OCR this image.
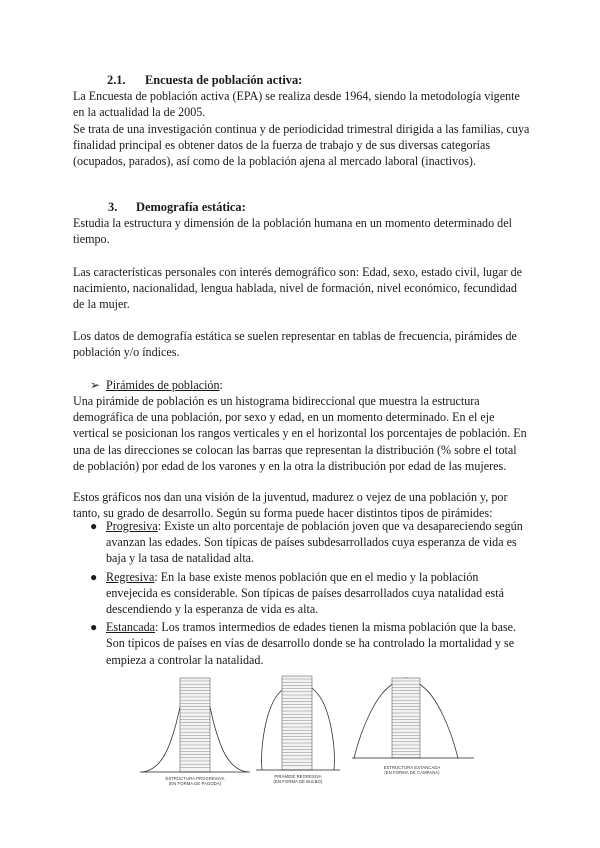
2.1. Encuesta de población activa:

La Encuesta de población activa (EPA) se realiza desde 1964, siendo la metodología vigente en la actualidad la de 2005.

Se trata de una investigación continua y de periodicidad trimestral dirigida a las familias, cuya finalidad principal es obtener datos de la fuerza de trabajo y de sus diversas categorías (ocupados, parados), así como de la población ajena al mercado laboral (inactivos).

3. Demografía estática:

Estudia la estructura y dimensión de la población humana en un momento determinado del tiempo.

Las características personales con interés demográfico son: Edad, sexo, estado civil, lugar de nacimiento, nacionalidad, lengua hablada, nivel de formación, nivel económico, fecundidad de la mujer.

Los datos de demografía estática se suelen representar en tablas de frecuencia, pirámides de población y/o índices.

➢ Pirámides de población:

Una pirámide de población es un histograma bidireccional que muestra la estructura demográfica de una población, por sexo y edad, en un momento determinado. En el eje vertical se posicionan los rangos verticales y en el horizontal los porcentajes de población. En una de las direcciones se colocan las barras que representan la distribución (% sobre el total de población) por edad de los varones y en la otra la distribución por edad de las mujeres.

Estos gráficos nos dan una visión de la juventud, madurez o vejez de una población y, por tanto, su grado de desarrollo. Según su forma puede hacer distintos tipos de pirámides:

● Progresiva: Existe un alto porcentaje de población joven que va desapareciendo según avanzan las edades. Son típicas de países subdesarrollados cuya esperanza de vida es baja y la tasa de natalidad alta.
● Regresiva: En la base existe menos población que en el medio y la población envejecida es considerable. Son típicas de países desarrollados cuya natalidad está descendiendo y la esperanza de vida es alta.
● Estancada: Los tramos intermedios de edades tienen la misma población que la base. Son típicos de países en vías de desarrollo donde se ha controlado la mortalidad y se empieza a controlar la natalidad.
ESTRUCTURA PROGRESIVA
(EN FORMA DE PAGODA)
PIRÁMIDE REGRESIVA
(EN FORMA DE BULBO)
ESTRUCTURA ESTANCADA
(EN FORMA DE CAMPANA)
